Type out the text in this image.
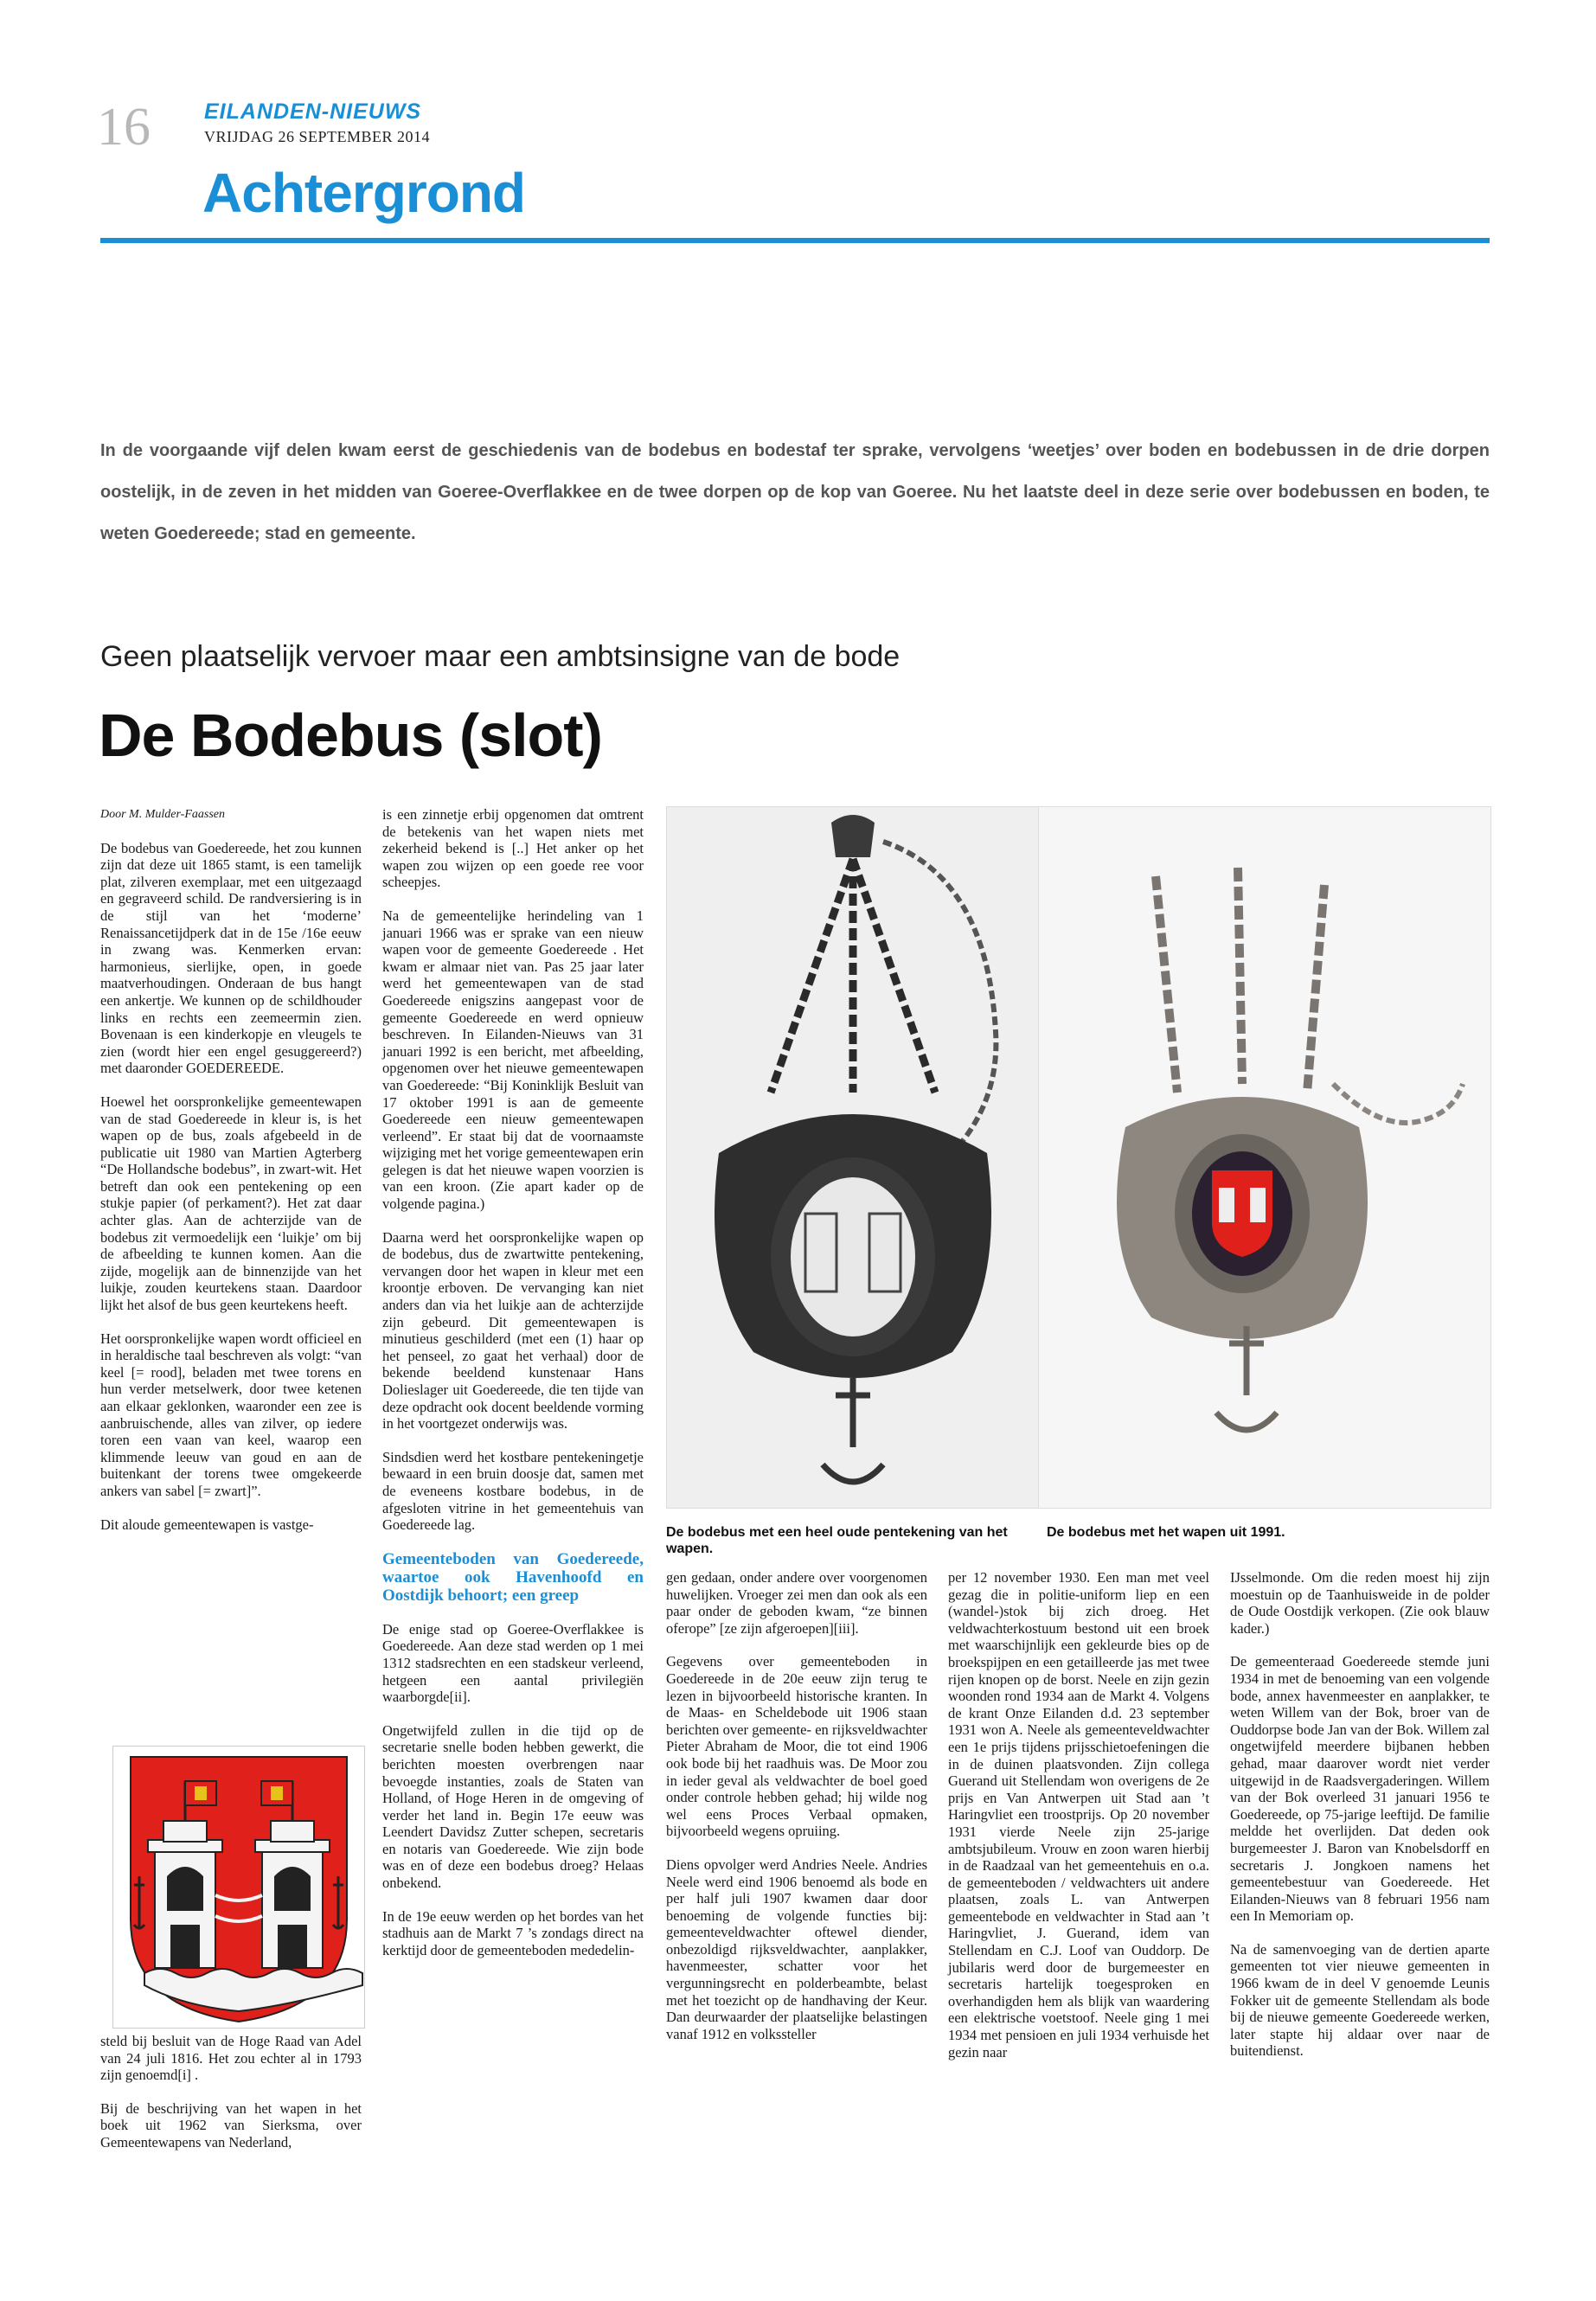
16 EILANDEN-NIEUWS
VRIJDAG 26 SEPTEMBER 2014
Achtergrond
In de voorgaande vijf delen kwam eerst de geschiedenis van de bodebus en bodestaf ter sprake, vervolgens ‘weetjes’ over boden en bodebussen in de drie dorpen oostelijk, in de zeven in het midden van Goeree-Overflakkee en de twee dorpen op de kop van Goeree. Nu het laatste deel in deze serie over bodebussen en boden, te weten Goedereede; stad en gemeente.
Geen plaatselijk vervoer maar een ambtsinsigne van de bode
De Bodebus (slot)

Door M. Mulder-Faassen

De bodebus van Goedereede, het zou kunnen zijn dat deze uit 1865 stamt, is een tamelijk plat, zilveren exemplaar, met een uitgezaagd en gegraveerd schild. De randversiering is in de stijl van het ‘moderne’ Renaissancetijdperk dat in de 15e /16e eeuw in zwang was. Kenmerken ervan: harmonieus, sierlijke, open, in goede maatverhoudingen. Onderaan de bus hangt een ankertje. We kunnen op de schildhouder links en rechts een zeemeermin zien. Bovenaan is een kinderkopje en vleugels te zien (wordt hier een engel gesuggereerd?) met daaronder GOEDEREEDE.

Hoewel het oorspronkelijke gemeentewapen van de stad Goedereede in kleur is, is het wapen op de bus, zoals afgebeeld in de publicatie uit 1980 van Martien Agterberg “De Hollandsche bodebus”, in zwart-wit. Het betreft dan ook een pentekening op een stukje papier (of perkament?). Het zat daar achter glas. Aan de achterzijde van de bodebus zit vermoedelijk een ‘luikje’ om bij de afbeelding te kunnen komen. Aan die zijde, mogelijk aan de binnenzijde van het luikje, zouden keurtekens staan. Daardoor lijkt het alsof de bus geen keurtekens heeft.

Het oorspronkelijke wapen wordt officieel en in heraldische taal beschreven als volgt: “van keel [= rood], beladen met twee torens en hun verder metselwerk, door twee ketenen aan elkaar geklonken, waaronder een zee is aanbruischende, alles van zilver, op iedere toren een vaan van keel, waarop een klimmende leeuw van goud en aan de buitenkant der torens twee omgekeerde ankers van sabel [= zwart]”.

Dit aloude gemeentewapen is vastge-

steld bij besluit van de Hoge Raad van Adel van 24 juli 1816. Het zou echter al in 1793 zijn genoemd[i] .

Bij de beschrijving van het wapen in het boek uit 1962 van Sierksma, over Gemeentewapens van Nederland,

is een zinnetje erbij opgenomen dat omtrent de betekenis van het wapen niets met zekerheid bekend is [..] Het anker op het wapen zou wijzen op een goede ree voor scheepjes.

Na de gemeentelijke herindeling van 1 januari 1966 was er sprake van een nieuw wapen voor de gemeente Goedereede . Het kwam er almaar niet van. Pas 25 jaar later werd het gemeentewapen van de stad Goedereede enigszins aangepast voor de gemeente Goedereede en werd opnieuw beschreven. In Eilanden-Nieuws van 31 januari 1992 is een bericht, met afbeelding, opgenomen over het nieuwe gemeentewapen van Goedereede: “Bij Koninklijk Besluit van 17 oktober 1991 is aan de gemeente Goedereede een nieuw gemeentewapen verleend”. Er staat bij dat de voornaamste wijziging met het vorige gemeentewapen erin gelegen is dat het nieuwe wapen voorzien is van een kroon. (Zie apart kader op de volgende pagina.)

Daarna werd het oorspronkelijke wapen op de bodebus, dus de zwartwitte pentekening, vervangen door het wapen in kleur met een kroontje erboven. De vervanging kan niet anders dan via het luikje aan de achterzijde zijn gebeurd. Dit gemeentewapen is minutieus geschilderd (met een (1) haar op het penseel, zo gaat het verhaal) door de bekende beeldend kunstenaar Hans Dolieslager uit Goedereede, die ten tijde van deze opdracht ook docent beeldende vorming in het voortgezet onderwijs was.

Sindsdien werd het kostbare pentekeningetje bewaard in een bruin doosje dat, samen met de eveneens kostbare bodebus, in de afgesloten vitrine in het gemeentehuis van Goedereede lag.

Gemeenteboden van Goedereede, waartoe ook Havenhoofd en Oostdijk behoort; een greep

De enige stad op Goeree-Overflakkee is Goedereede. Aan deze stad werden op 1 mei 1312 stadsrechten en een stadskeur verleend, hetgeen een aantal privilegiën waarborgde[ii].

Ongetwijfeld zullen in die tijd op de secretarie snelle boden hebben gewerkt, die berichten moesten overbrengen naar bevoegde instanties, zoals de Staten van Holland, of Hoge Heren in de omgeving of verder het land in. Begin 17e eeuw was Leendert Davidsz Zutter schepen, secretaris en notaris van Goedereede. Wie zijn bode was en of deze een bodebus droeg? Helaas onbekend.

In de 19e eeuw werden op het bordes van het stadhuis aan de Markt 7 ’s zondags direct na kerktijd door de gemeenteboden mededelin-

De bodebus met een heel oude pentekening van het wapen.
De bodebus met het wapen uit 1991.

gen gedaan, onder andere over voorgenomen huwelijken. Vroeger zei men dan ook als een paar onder de geboden kwam, “ze binnen oferope” [ze zijn afgeroepen][iii].

Gegevens over gemeenteboden in Goedereede in de 20e eeuw zijn terug te lezen in bijvoorbeeld historische kranten. In de Maas- en Scheldebode uit 1906 staan berichten over gemeente- en rijksveldwachter Pieter Abraham de Moor, die tot eind 1906 ook bode bij het raadhuis was. De Moor zou in ieder geval als veldwachter de boel goed onder controle hebben gehad; hij wilde nog wel eens Proces Verbaal opmaken, bijvoorbeeld wegens opruiing.

Diens opvolger werd Andries Neele. Andries Neele werd eind 1906 benoemd als bode en per half juli 1907 kwamen daar door benoeming de volgende functies bij: gemeenteveldwachter oftewel diender, onbezoldigd rijksveldwachter, aanplakker, havenmeester, schatter voor het vergunningsrecht en polderbeambte, belast met het toezicht op de handhaving der Keur. Dan deurwaarder der plaatselijke belastingen vanaf 1912 en volkssteller

per 12 november 1930. Een man met veel gezag die in politie-uniform liep en een (wandel-)stok bij zich droeg. Het veldwachterkostuum bestond uit een broek met waarschijnlijk een gekleurde bies op de broekspijpen en een getailleerde jas met twee rijen knopen op de borst. Neele en zijn gezin woonden rond 1934 aan de Markt 4. Volgens de krant Onze Eilanden d.d. 23 september 1931 won A. Neele als gemeenteveldwachter een 1e prijs tijdens prijsschietoefeningen die in de duinen plaatsvonden. Zijn collega Guerand uit Stellendam won overigens de 2e prijs en Van Antwerpen uit Stad aan ’t Haringvliet een troostprijs. Op 20 november 1931 vierde Neele zijn 25-jarige ambtsjubileum. Vrouw en zoon waren hierbij in de Raadzaal van het gemeentehuis en o.a. de gemeenteboden / veldwachters uit andere plaatsen, zoals L. van Antwerpen gemeentebode en veldwachter in Stad aan ’t Haringvliet, J. Guerand, idem van Stellendam en C.J. Loof van Ouddorp. De jubilaris werd door de burgemeester en secretaris hartelijk toegesproken en overhandigden hem als blijk van waardering een elektrische voetstoof. Neele ging 1 mei 1934 met pensioen en juli 1934 verhuisde het gezin naar

IJsselmonde. Om die reden moest hij zijn moestuin op de Taanhuisweide in de polder de Oude Oostdijk verkopen. (Zie ook blauw kader.)

De gemeenteraad Goedereede stemde juni 1934 in met de benoeming van een volgende bode, annex havenmeester en aanplakker, te weten Willem van der Bok, broer van de Ouddorpse bode Jan van der Bok. Willem zal ongetwijfeld meerdere bijbanen hebben gehad, maar daarover wordt niet verder uitgewijd in de Raadsvergaderingen. Willem van der Bok overleed 31 januari 1956 te Goedereede, op 75-jarige leeftijd. De familie meldde het overlijden. Dat deden ook burgemeester J. Baron van Knobelsdorff en secretaris J. Jongkoen namens het gemeentebestuur van Goedereede. Het Eilanden-Nieuws van 8 februari 1956 nam een In Memoriam op.

Na de samenvoeging van de dertien aparte gemeenten tot vier nieuwe gemeenten in 1966 kwam de in deel V genoemde Leunis Fokker uit de gemeente Stellendam als bode bij de nieuwe gemeente Goedereede werken, later stapte hij aldaar over naar de buitendienst.
